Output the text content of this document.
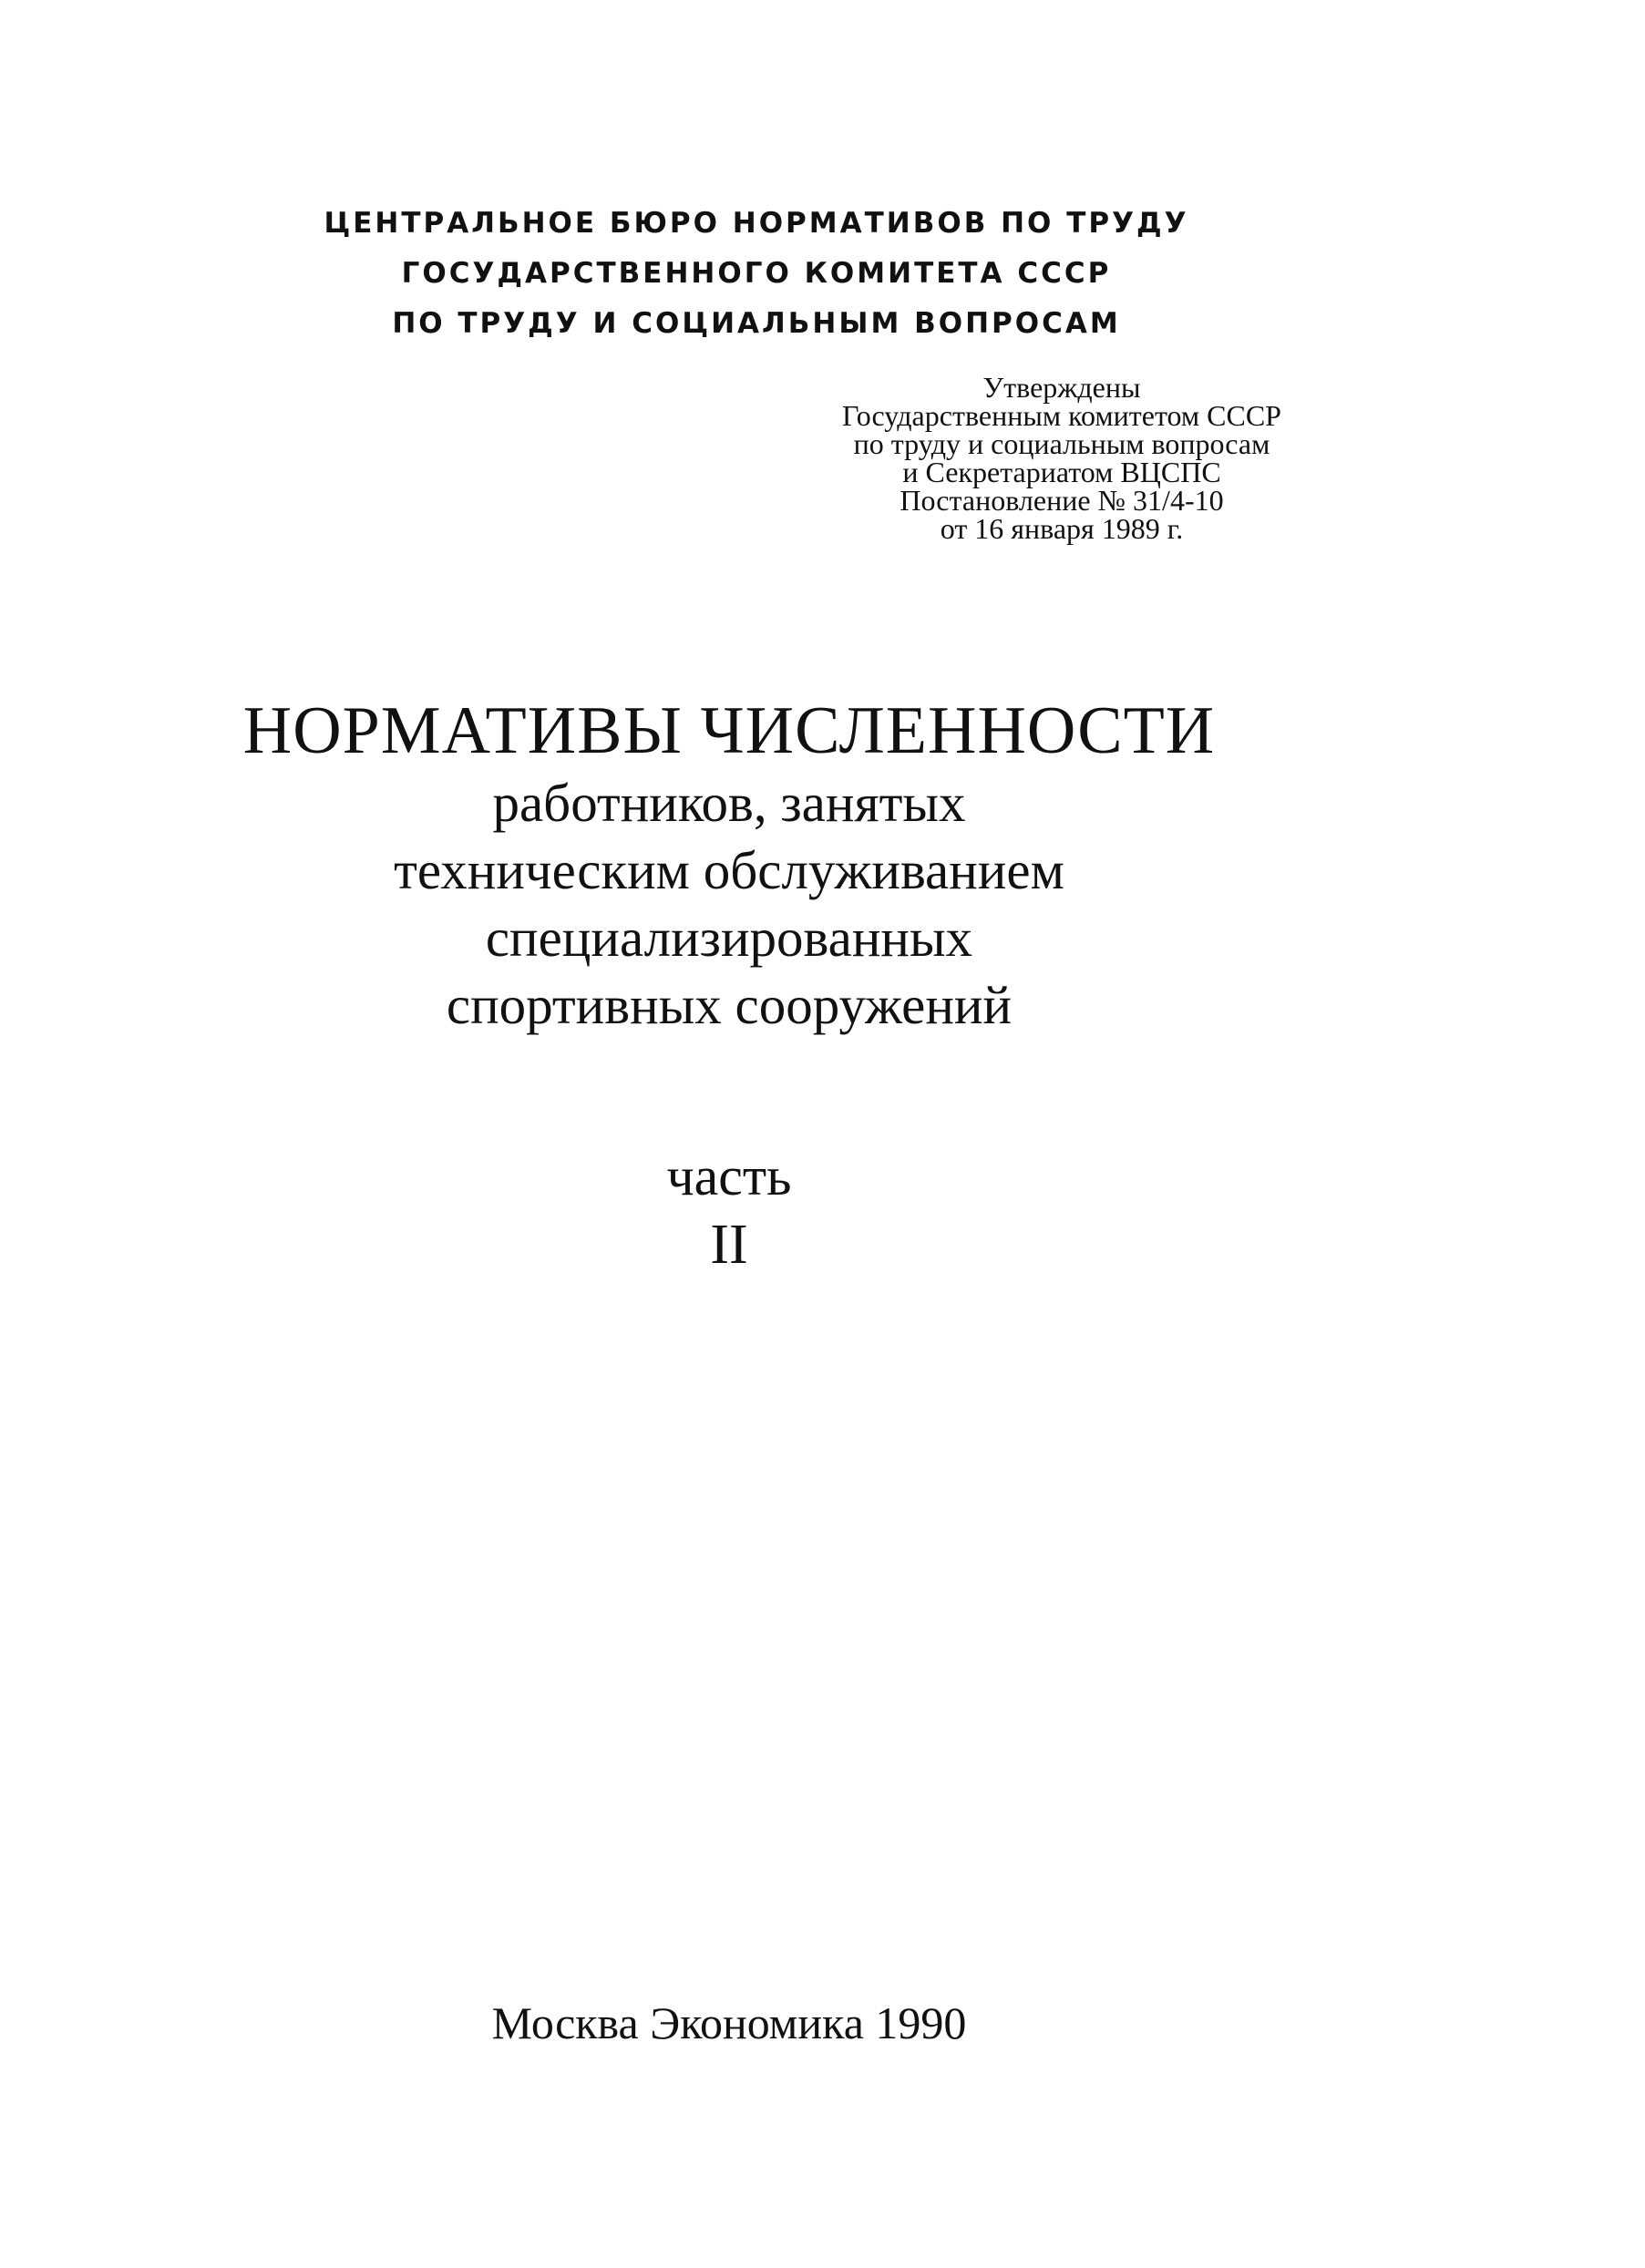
ЦЕНТРАЛЬНОЕ БЮРО НОРМАТИВОВ ПО ТРУДУ
ГОСУДАРСТВЕННОГО КОМИТЕТА СССР
ПО ТРУДУ И СОЦИАЛЬНЫМ ВОПРОСАМ
Утверждены
Государственным комитетом СССР
по труду и социальным вопросам
и Секретариатом ВЦСПС
Постановление № 31/4-10
от 16 января 1989 г.
НОРМАТИВЫ ЧИСЛЕННОСТИ
работников, занятых
техническим обслуживанием
специализированных
спортивных сооружений
часть
II
Москва Экономика 1990
